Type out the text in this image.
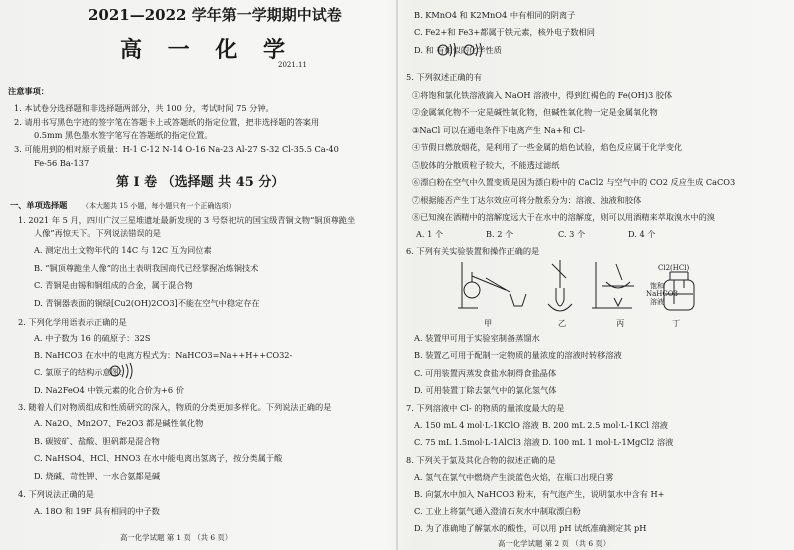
2021—2022 学年第一学期期中试卷
高 一 化 学
2021.11
注意事项：
1. 本试卷分选择题和非选择题两部分，共 100 分，考试时间 75 分钟。
2. 请用书写黑色字迹的签字笔在答题卡上或答题纸的指定位置，把非选择题的答案用
0.5mm 黑色墨水签字笔写在答题纸的指定位置。
3. 可能用到的相对原子质量：H-1 C-12 N-14 O-16 Na-23 Al-27 S-32 Cl-35.5 Ca-40
Fe-56 Ba-137
第 Ⅰ 卷 （选择题 共 45 分）
一、单项选择题 （本大题共 15 小题，每小题只有一个正确选项）
1. 2021 年 5 月，四川广汉三星堆遗址最新发现的 3 号祭祀坑的国宝级青铜文物“铜顶尊跪坐
人像”再惊天下。下列说法错误的是
A. 测定出土文物年代的 14C 与 12C 互为同位素
B. “铜顶尊跪坐人像”的出土表明我国商代已经掌握冶炼铜技术
C. 青铜是由锡和铜组成的合金，属于混合物
D. 青铜器表面的铜绿[Cu2(OH)2CO3]不能在空气中稳定存在
2. 下列化学用语表示正确的是
A. 中子数为 16 的硫原子：32S
B. NaHCO3 在水中的电离方程式为：NaHCO3=Na++H++CO32-
C. 氯原子的结构示意图：
D. Na2FeO4 中铁元素的化合价为+6 价
3. 随着人们对物质组成和性质研究的深入，物质的分类更加多样化。下列说法正确的是
A. Na2O、Mn2O7、Fe2O3 都是碱性氧化物
B. 碳铵矿、盐酸、胆矾都是混合物
C. NaHSO4、HCl、HNO3 在水中能电离出氢离子，按分类属于酸
D. 烧碱、苛性钾、一水合氨都是碱
4. 下列说法正确的是
A. 18O 和 19F 具有相同的中子数
高一化学试题 第 1 页 （共 6 页）
B. KMnO4 和 K2MnO4 中有相同的阴离子
C. Fe2+和 Fe3+都属于铁元素，核外电子数相同
D. 和 有相似的化学性质
5. 下列叙述正确的有
①将饱和氯化铁溶液滴入 NaOH 溶液中，得到红褐色的 Fe(OH)3 胶体
②金属氧化物不一定是碱性氧化物，但碱性氧化物一定是金属氧化物
③NaCl 可以在通电条件下电离产生 Na+和 Cl-
④节假日燃放烟花，是利用了一些金属的焰色试验，焰色反应属于化学变化
⑤胶体的分散质粒子较大，不能透过滤纸
⑥漂白粉在空气中久置变质是因为漂白粉中的 CaCl2 与空气中的 CO2 反应生成 CaCO3
⑦根据能否产生丁达尔效应可将分散系分为：溶液、浊液和胶体
⑧已知溴在酒精中的溶解度远大于在水中的溶解度，则可以用酒精来萃取溴水中的溴
A. 1 个	B. 2 个	C. 3 个	D. 4 个
6. 下列有关实验装置和操作正确的是
Cl2(HCl)
饱和
NaHCO3
溶液
甲	乙	丙	丁
A. 装置甲可用于实验室制备蒸馏水
B. 装置乙可用于配制一定物质的量浓度的溶液时转移溶液
C. 可用装置丙蒸发食盐水制得食盐晶体
D. 可用装置丁除去氯气中的氯化氢气体
7. 下列溶液中 Cl- 的物质的量浓度最大的是
A. 150 mL 4 mol·L-1KClO 溶液 B. 200 mL 2.5 mol·L-1KCl 溶液
C. 75 mL 1.5mol·L-1AlCl3 溶液 D. 100 mL 1 mol·L-1MgCl2 溶液
8. 下列关于氯及其化合物的叙述正确的是
A. 氢气在氯气中燃烧产生淡蓝色火焰，在瓶口出现白雾
B. 向氯水中加入 NaHCO3 粉末，有气泡产生，说明氯水中含有 H+
C. 工业上将氯气通入澄清石灰水中制取漂白粉
D. 为了准确地了解氯水的酸性，可以用 pH 试纸准确测定其 pH
高一化学试题 第 2 页 （共 6 页）
